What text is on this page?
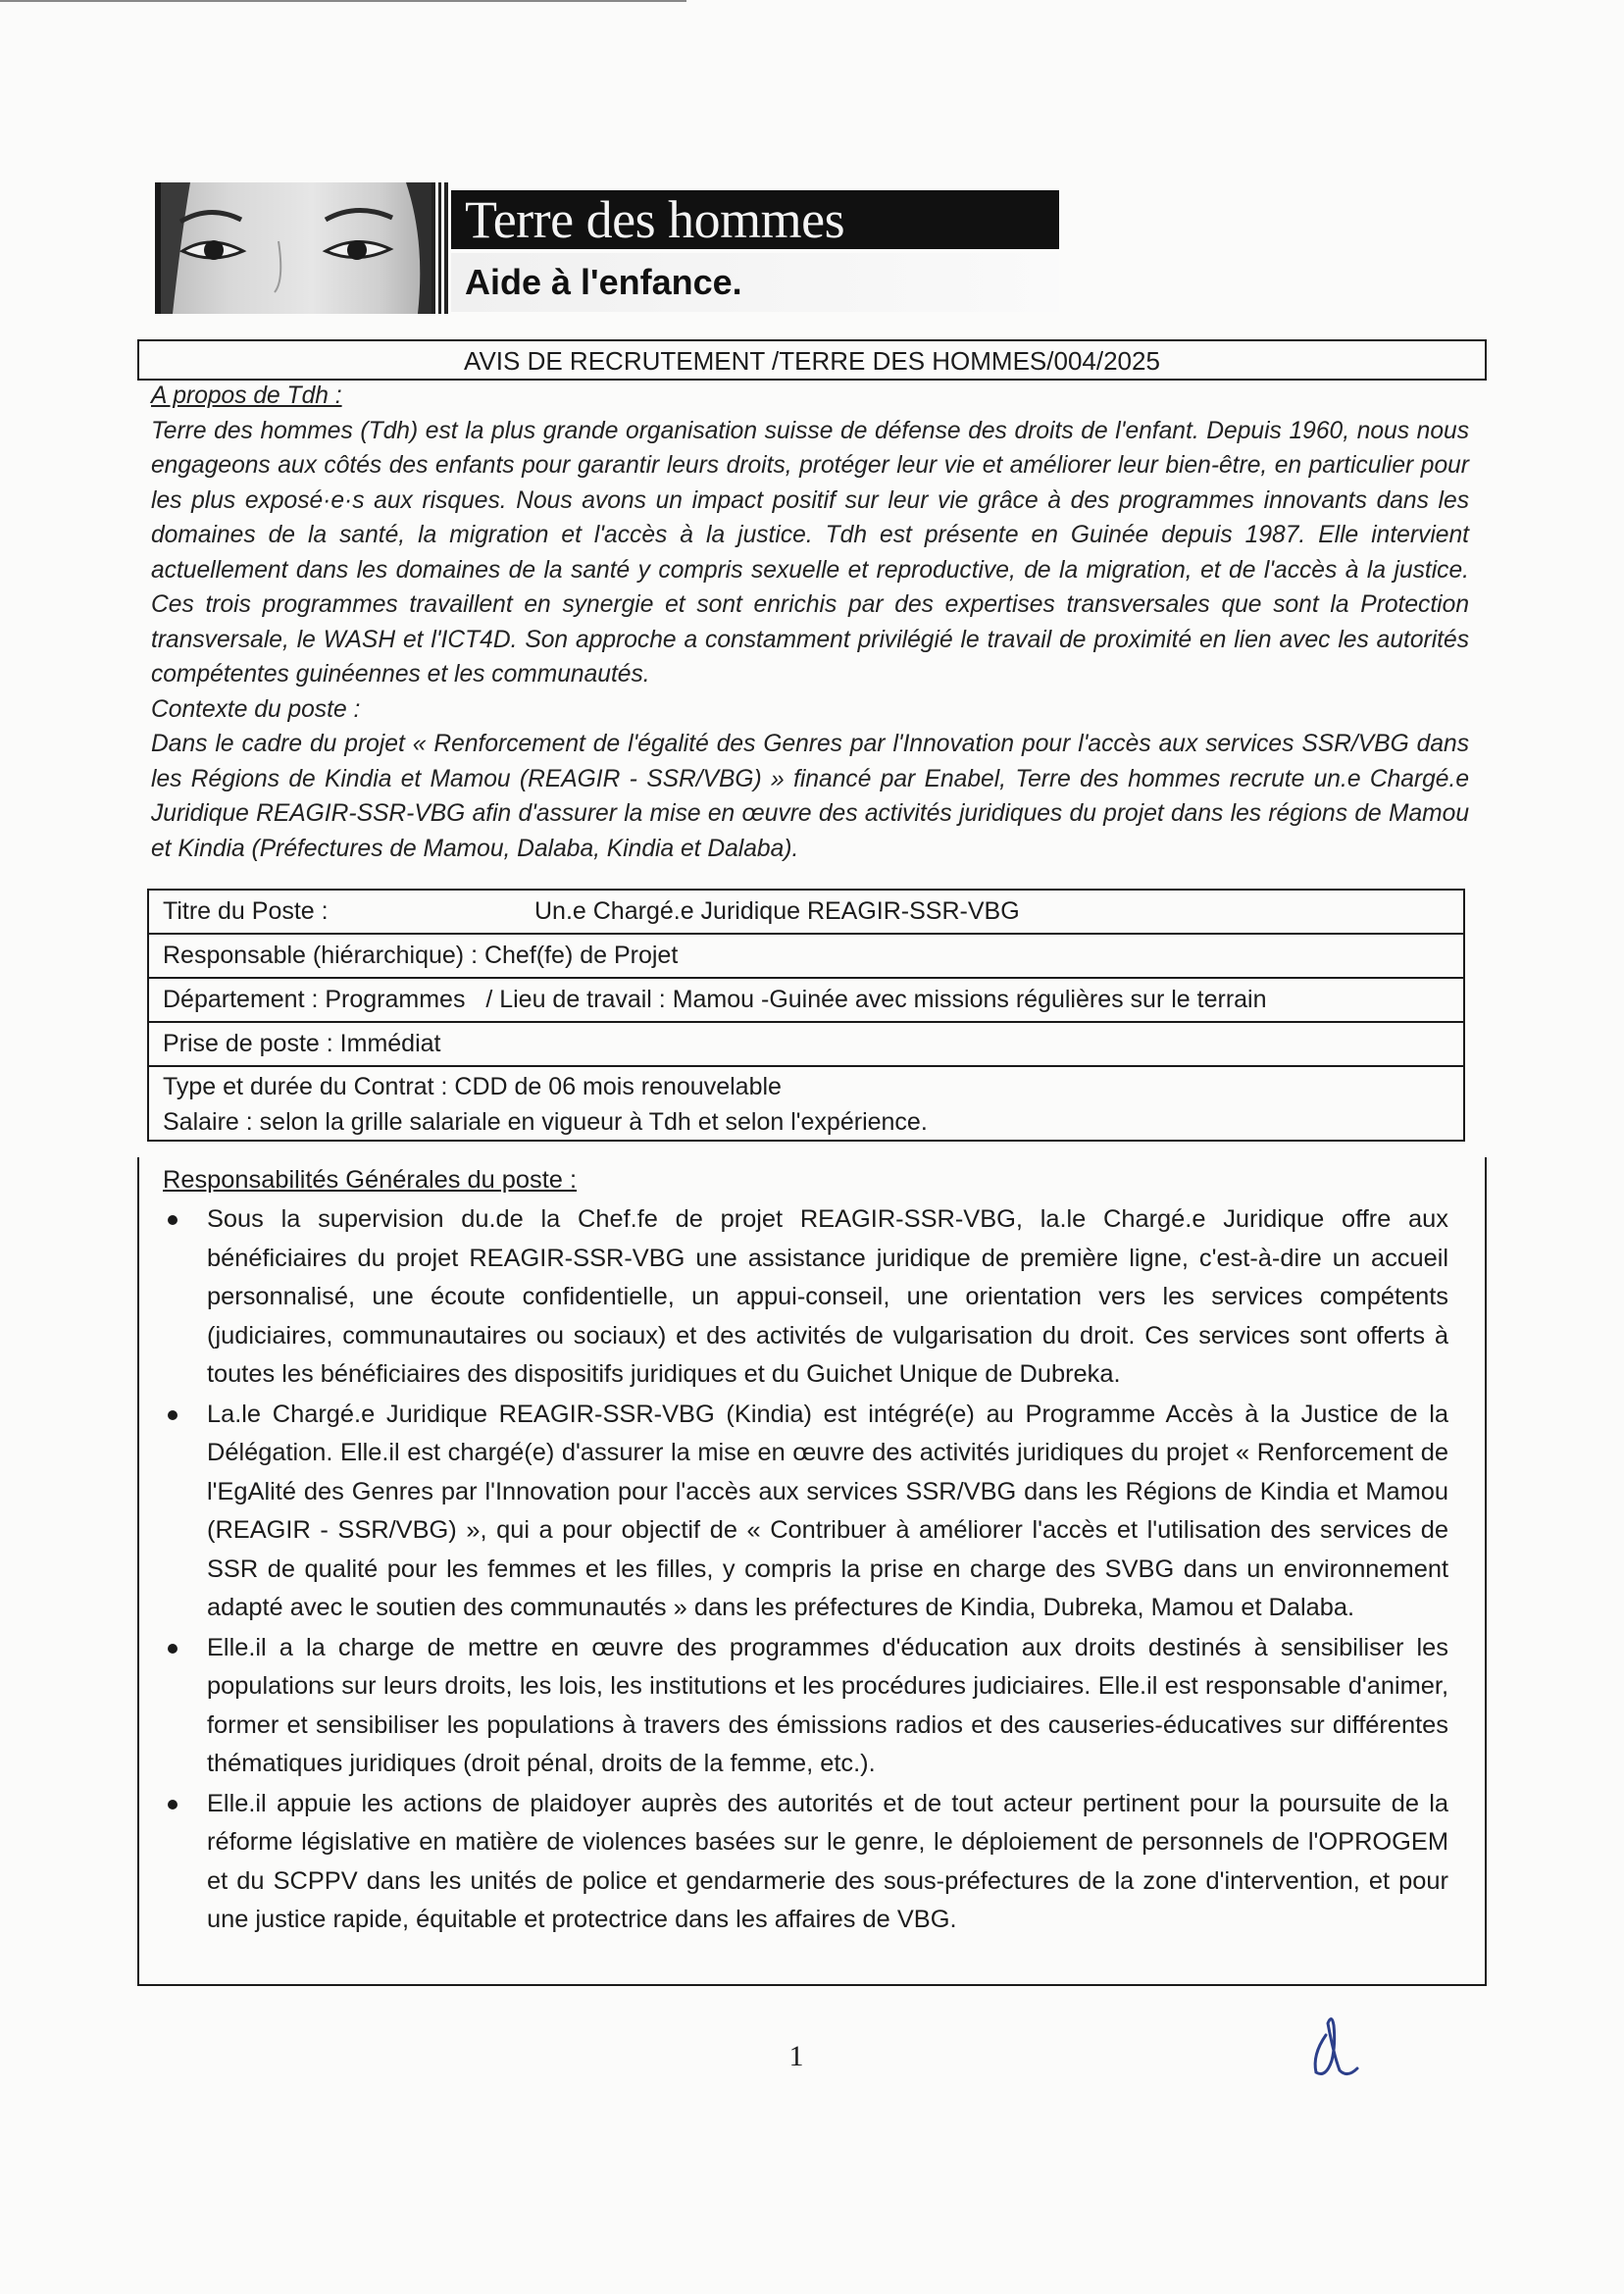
Terre des hommes
Aide à l'enfance.
AVIS DE RECRUTEMENT /TERRE DES HOMMES/004/2025

A propos de Tdh :

Terre des hommes (Tdh) est la plus grande organisation suisse de défense des droits de l'enfant. Depuis 1960, nous nous engageons aux côtés des enfants pour garantir leurs droits, protéger leur vie et améliorer leur bien-être, en particulier pour les plus exposé·e·s aux risques. Nous avons un impact positif sur leur vie grâce à des programmes innovants dans les domaines de la santé, la migration et l'accès à la justice. Tdh est présente en Guinée depuis 1987. Elle intervient actuellement dans les domaines de la santé y compris sexuelle et reproductive, de la migration, et de l'accès à la justice. Ces trois programmes travaillent en synergie et sont enrichis par des expertises transversales que sont la Protection transversale, le WASH et l'ICT4D. Son approche a constamment privilégié le travail de proximité en lien avec les autorités compétentes guinéennes et les communautés.

Contexte du poste :

Dans le cadre du projet « Renforcement de l'égalité des Genres par l'Innovation pour l'accès aux services SSR/VBG dans les Régions de Kindia et Mamou (REAGIR - SSR/VBG) » financé par Enabel, Terre des hommes recrute un.e Chargé.e Juridique REAGIR-SSR-VBG afin d'assurer la mise en œuvre des activités juridiques du projet dans les régions de Mamou et Kindia (Préfectures de Mamou, Dalaba, Kindia et Dalaba).

Titre du Poste :	Un.e Chargé.e Juridique REAGIR-SSR-VBG
Responsable (hiérarchique) : Chef(fe) de Projet
Département : Programmes / Lieu de travail : Mamou -Guinée avec missions régulières sur le terrain
Prise de poste : Immédiat
Type et durée du Contrat : CDD de 06 mois renouvelable
Salaire : selon la grille salariale en vigueur à Tdh et selon l'expérience.
Responsabilités Générales du poste :
Sous la supervision du.de la Chef.fe de projet REAGIR-SSR-VBG, la.le Chargé.e Juridique offre aux bénéficiaires du projet REAGIR-SSR-VBG une assistance juridique de première ligne, c'est-à-dire un accueil personnalisé, une écoute confidentielle, un appui-conseil, une orientation vers les services compétents (judiciaires, communautaires ou sociaux) et des activités de vulgarisation du droit. Ces services sont offerts à toutes les bénéficiaires des dispositifs juridiques et du Guichet Unique de Dubreka.
La.le Chargé.e Juridique REAGIR-SSR-VBG (Kindia) est intégré(e) au Programme Accès à la Justice de la Délégation. Elle.il est chargé(e) d'assurer la mise en œuvre des activités juridiques du projet « Renforcement de l'EgAlité des Genres par l'Innovation pour l'accès aux services SSR/VBG dans les Régions de Kindia et Mamou (REAGIR - SSR/VBG) », qui a pour objectif de « Contribuer à améliorer l'accès et l'utilisation des services de SSR de qualité pour les femmes et les filles, y compris la prise en charge des SVBG dans un environnement adapté avec le soutien des communautés » dans les préfectures de Kindia, Dubreka, Mamou et Dalaba.
Elle.il a la charge de mettre en œuvre des programmes d'éducation aux droits destinés à sensibiliser les populations sur leurs droits, les lois, les institutions et les procédures judiciaires. Elle.il est responsable d'animer, former et sensibiliser les populations à travers des émissions radios et des causeries-éducatives sur différentes thématiques juridiques (droit pénal, droits de la femme, etc.).
Elle.il appuie les actions de plaidoyer auprès des autorités et de tout acteur pertinent pour la poursuite de la réforme législative en matière de violences basées sur le genre, le déploiement de personnels de l'OPROGEM et du SCPPV dans les unités de police et gendarmerie des sous-préfectures de la zone d'intervention, et pour une justice rapide, équitable et protectrice dans les affaires de VBG.
1
